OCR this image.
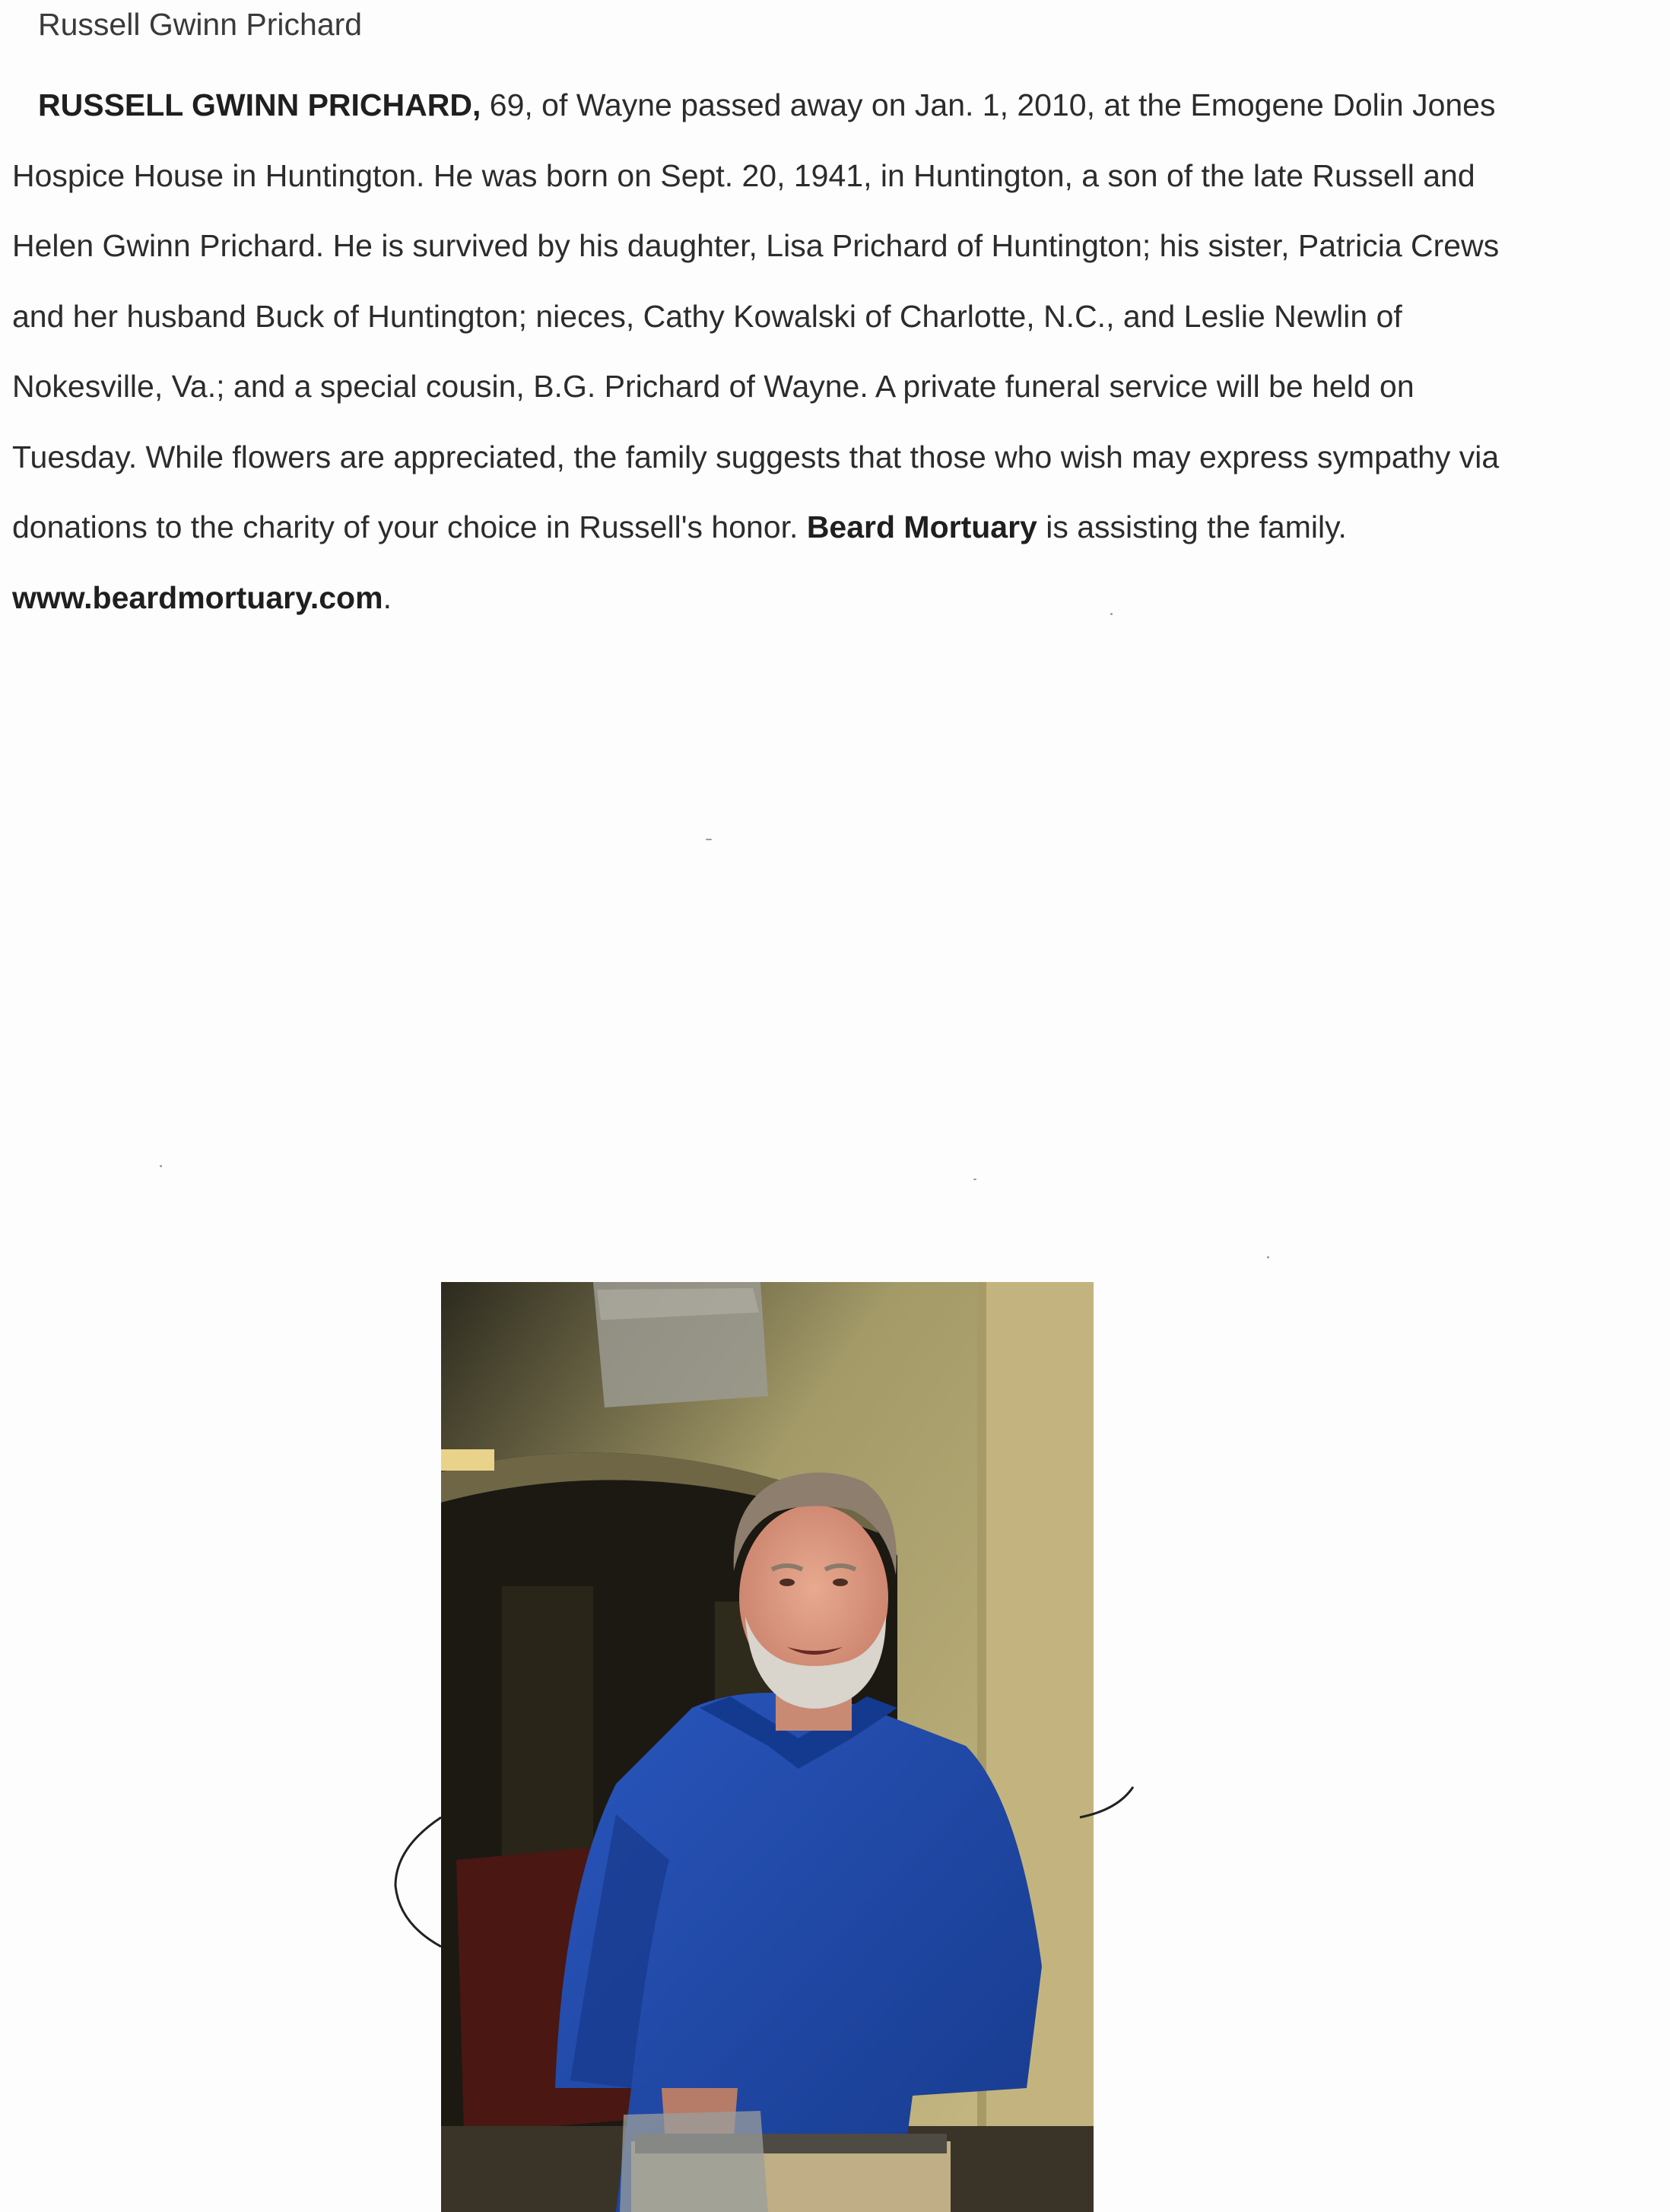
Russell Gwinn Prichard
RUSSELL GWINN PRICHARD, 69, of Wayne passed away on Jan. 1, 2010, at the Emogene Dolin Jones
Hospice House in Huntington. He was born on Sept. 20, 1941, in Huntington, a son of the late Russell and
Helen Gwinn Prichard. He is survived by his daughter, Lisa Prichard of Huntington; his sister, Patricia Crews
and her husband Buck of Huntington; nieces, Cathy Kowalski of Charlotte, N.C., and Leslie Newlin of
Nokesville, Va.; and a special cousin, B.G. Prichard of Wayne. A private funeral service will be held on
Tuesday. While flowers are appreciated, the family suggests that those who wish may express sympathy via
donations to the charity of your choice in Russell's honor. Beard Mortuary is assisting the family.
www.beardmortuary.com.
